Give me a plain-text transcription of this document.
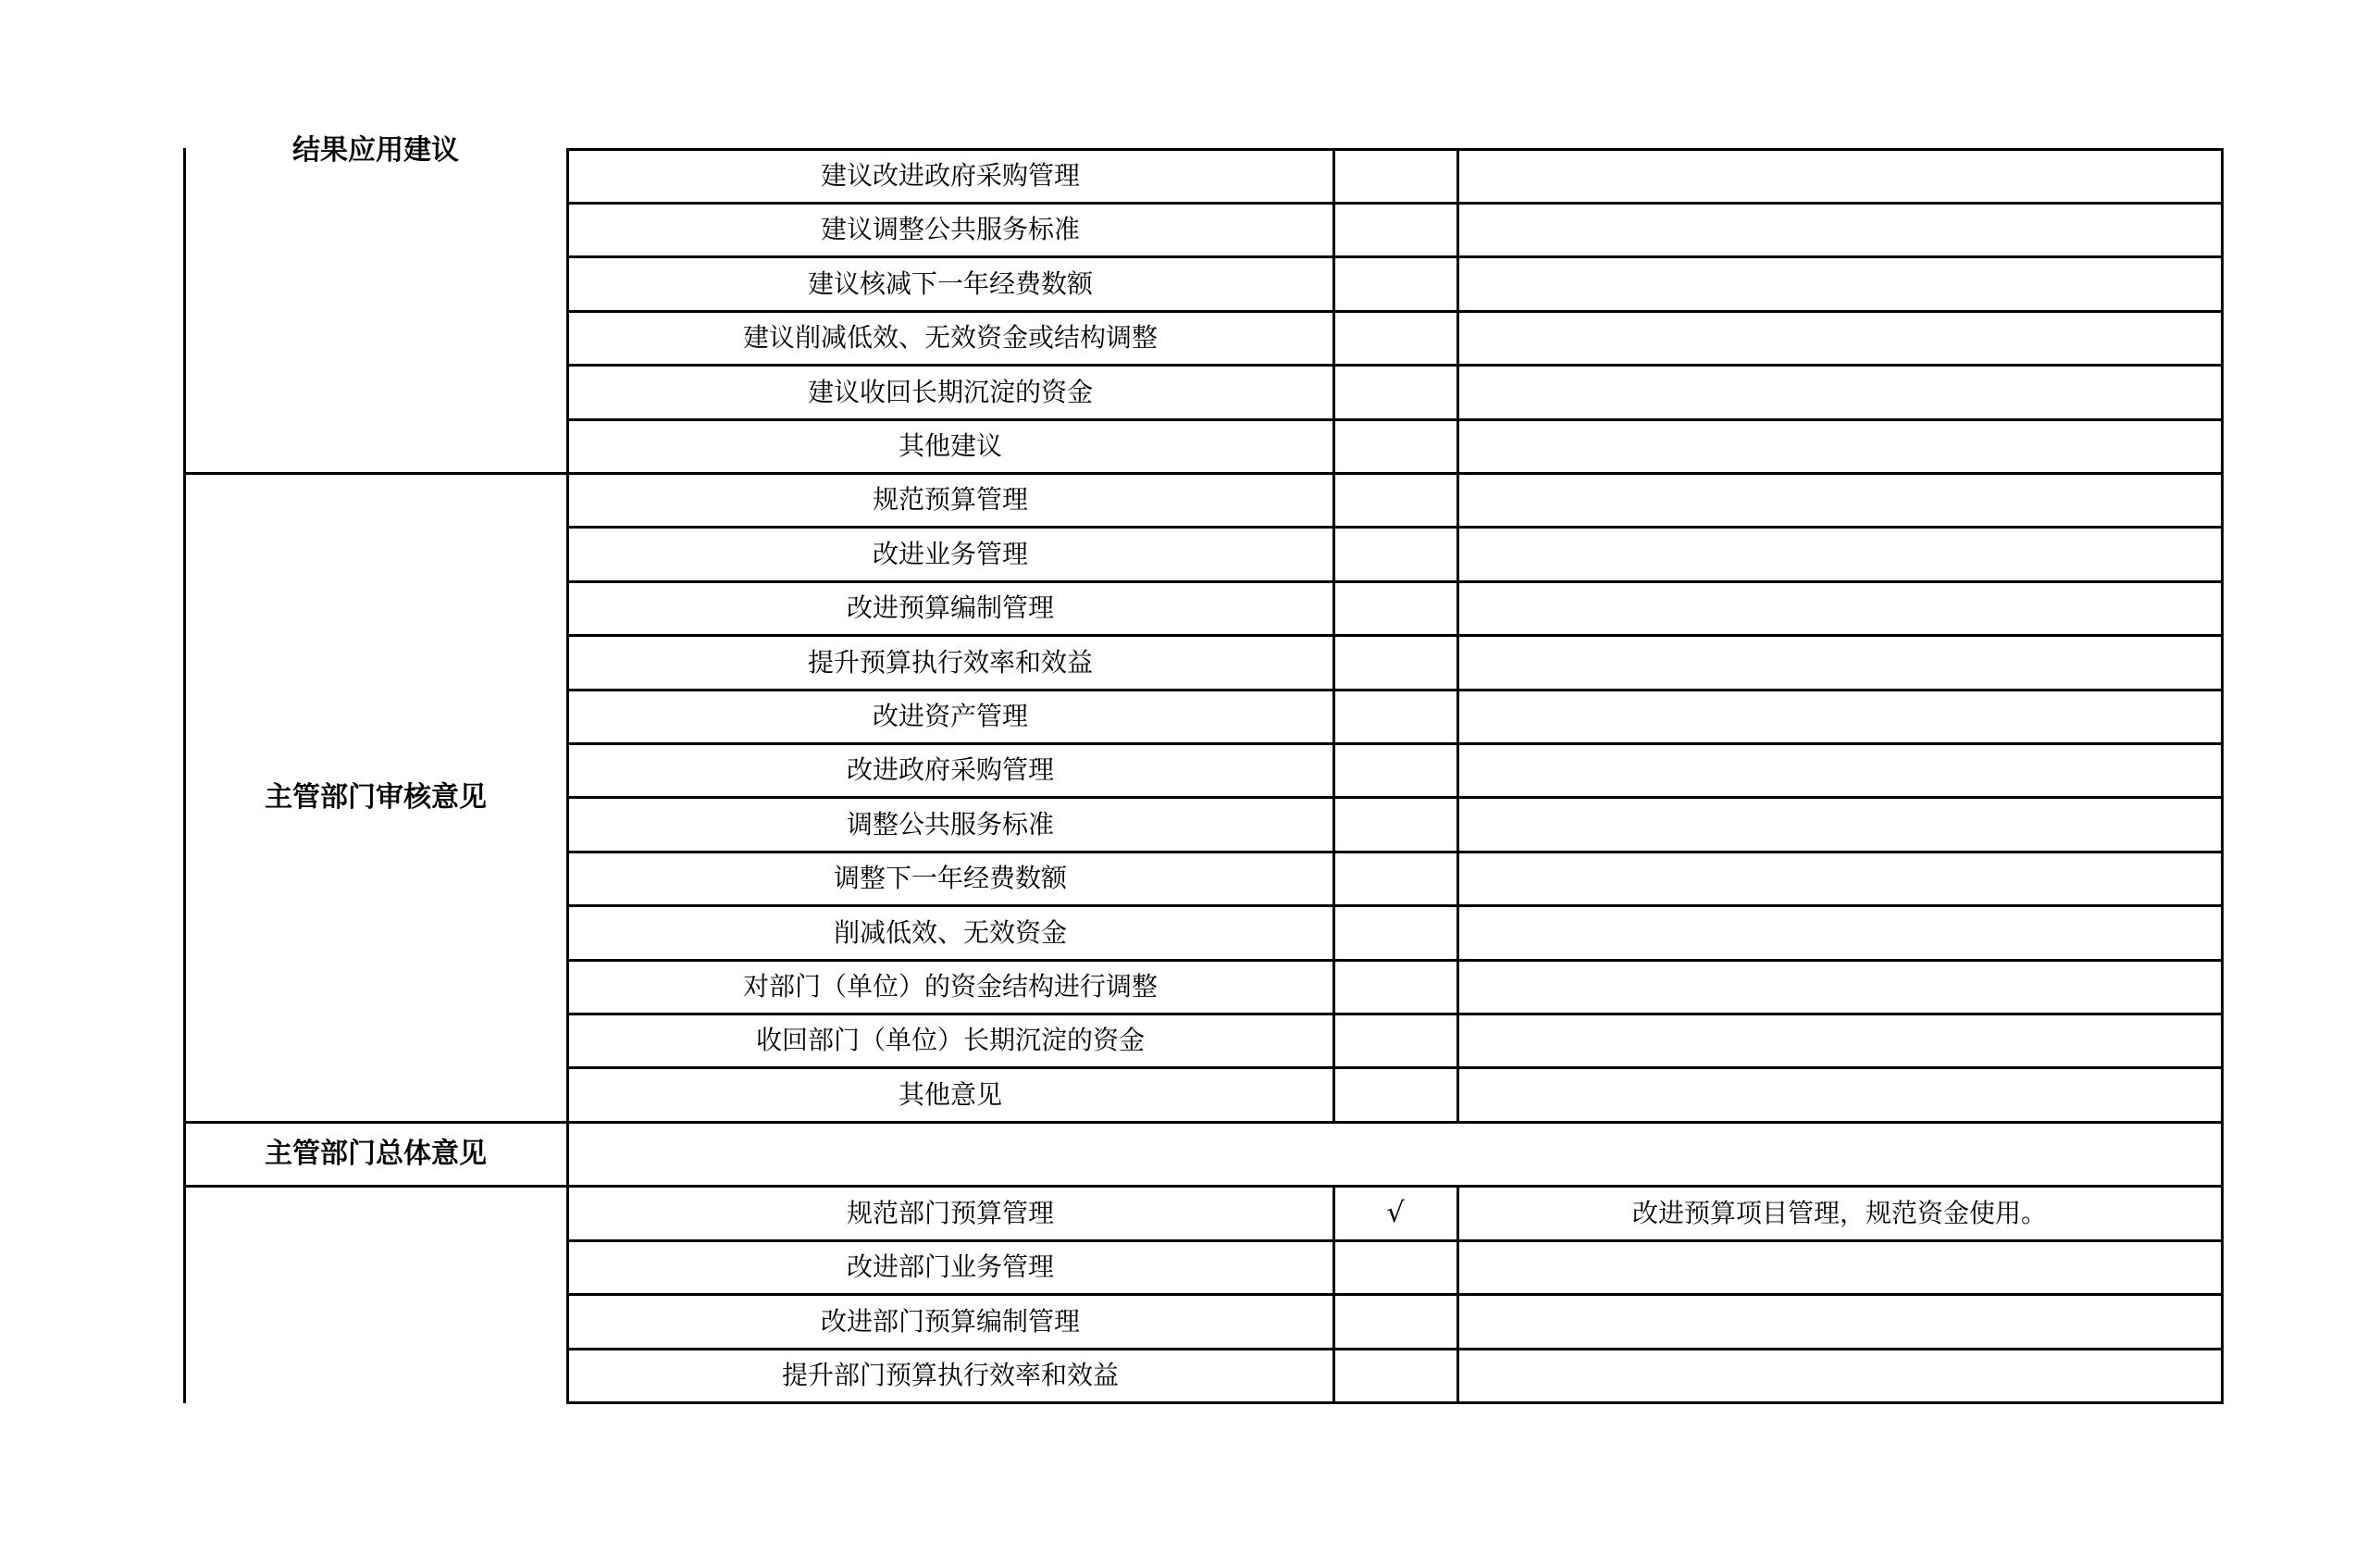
结果应用建议
主管部门审核意见
主管部门总体意见
建议改进政府采购管理
建议调整公共服务标准
建议核减下一年经费数额
建议削减低效、无效资金或结构调整
建议收回长期沉淀的资金
其他建议
规范预算管理
改进业务管理
改进预算编制管理
提升预算执行效率和效益
改进资产管理
改进政府采购管理
调整公共服务标准
调整下一年经费数额
削减低效、无效资金
对部门（单位）的资金结构进行调整
收回部门（单位）长期沉淀的资金
其他意见
规范部门预算管理	√	改进预算项目管理，规范资金使用。
改进部门业务管理
改进部门预算编制管理
提升部门预算执行效率和效益
